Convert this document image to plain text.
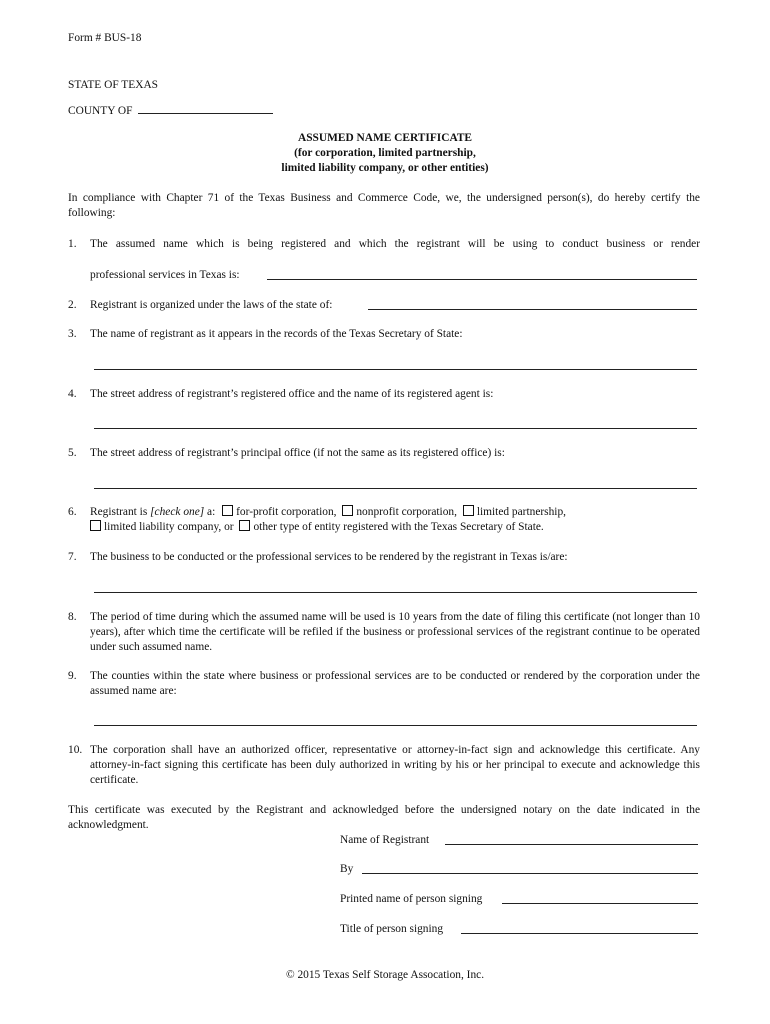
Form # BUS-18
STATE OF TEXAS
COUNTY OF
ASSUMED NAME CERTIFICATE
(for corporation, limited partnership,
limited liability company, or other entities)
In compliance with Chapter 71 of the Texas Business and Commerce Code, we, the undersigned person(s), do hereby certify the following:
1. The assumed name which is being registered and which the registrant will be using to conduct business or render
professional services in Texas is:
2. Registrant is organized under the laws of the state of:
3. The name of registrant as it appears in the records of the Texas Secretary of State:
4. The street address of registrant’s registered office and the name of its registered agent is:
5. The street address of registrant’s principal office (if not the same as its registered office) is:
6. Registrant is [check one] a: for-profit corporation, nonprofit corporation, limited partnership,
limited liability company, or other type of entity registered with the Texas Secretary of State.
7. The business to be conducted or the professional services to be rendered by the registrant in Texas is/are:
8. The period of time during which the assumed name will be used is 10 years from the date of filing this certificate (not longer than 10 years), after which time the certificate will be refiled if the business or professional services of the registrant continue to be operated under such assumed name.
9. The counties within the state where business or professional services are to be conducted or rendered by the corporation under the assumed name are:
10. The corporation shall have an authorized officer, representative or attorney-in-fact sign and acknowledge this certificate. Any attorney-in-fact signing this certificate has been duly authorized in writing by his or her principal to execute and acknowledge this certificate.
This certificate was executed by the Registrant and acknowledged before the undersigned notary on the date indicated in the acknowledgment.
Name of Registrant
By
Printed name of person signing
Title of person signing
© 2015 Texas Self Storage Assocation, Inc.
